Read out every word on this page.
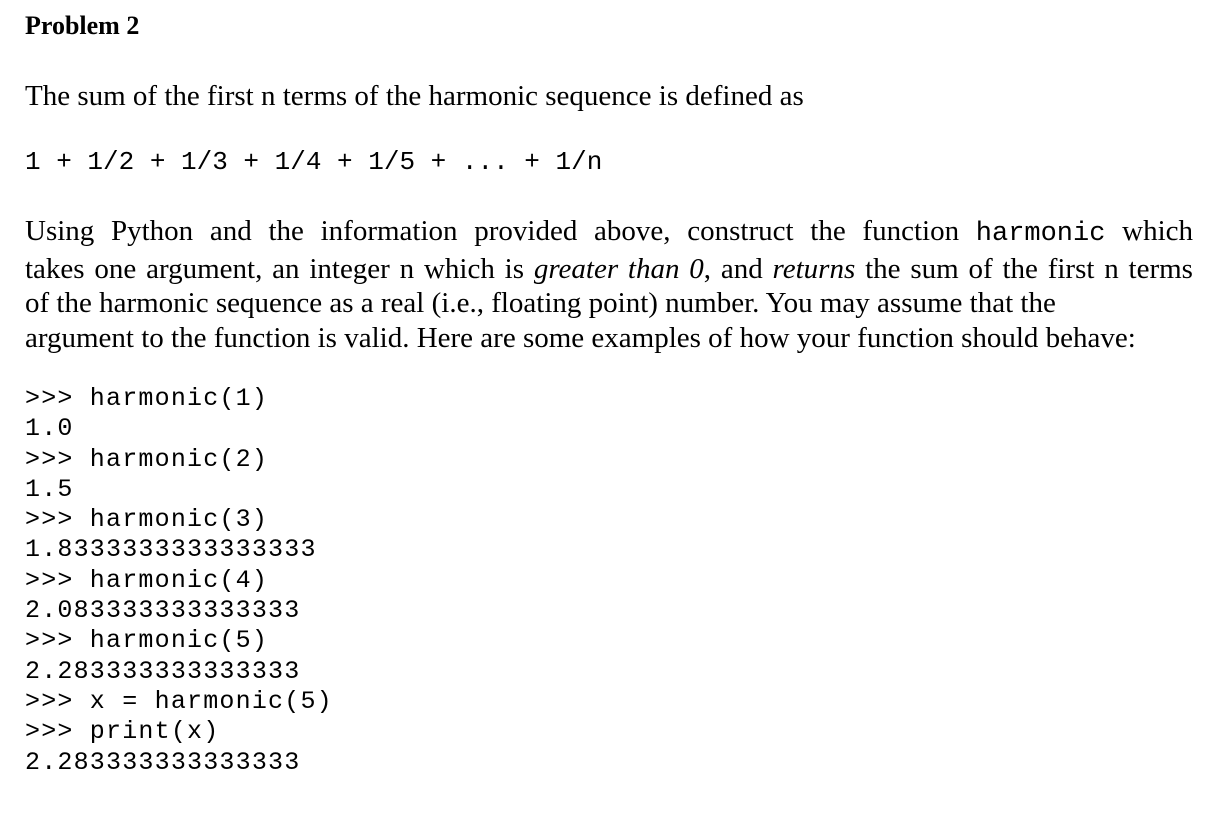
Problem 2
The sum of the first n terms of the harmonic sequence is defined as
1 + 1/2 + 1/3 + 1/4 + 1/5 + ... + 1/n
Using Python and the information provided above, construct the function harmonic which
takes one argument, an integer n which is greater than 0, and returns the sum of the first n terms
of the harmonic sequence as a real (i.e., floating point) number. You may assume that the
argument to the function is valid. Here are some examples of how your function should behave:
>>> harmonic(1)
1.0
>>> harmonic(2)
1.5
>>> harmonic(3)
1.8333333333333333
>>> harmonic(4)
2.083333333333333
>>> harmonic(5)
2.283333333333333
>>> x = harmonic(5)
>>> print(x)
2.283333333333333
